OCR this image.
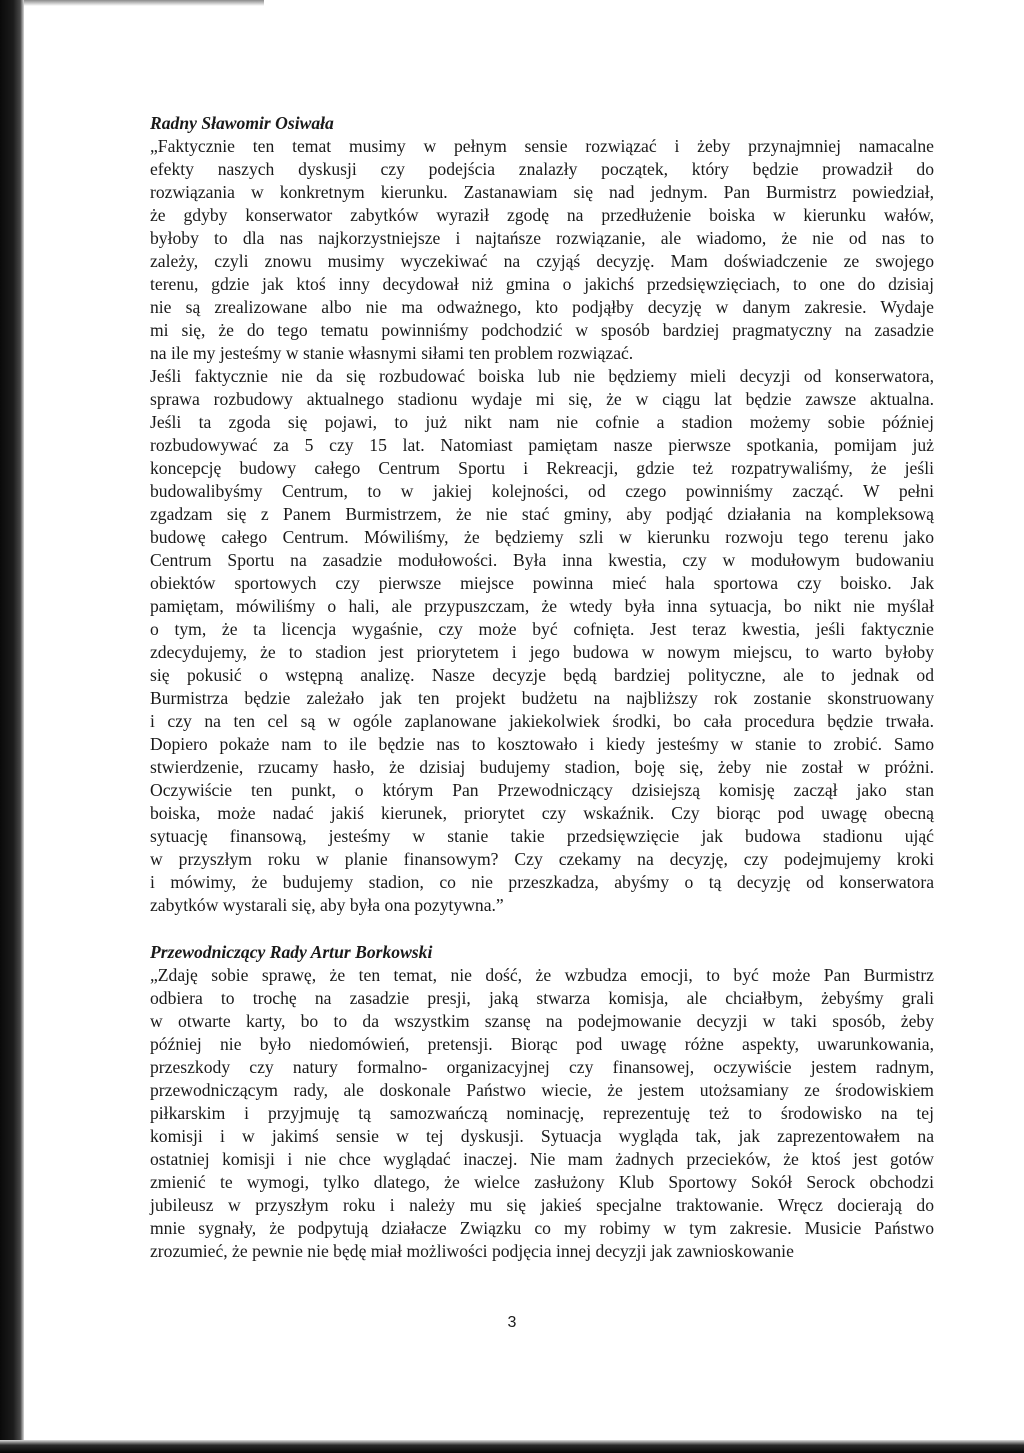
Radny Sławomir Osiwała
„Faktycznie ten temat musimy w pełnym sensie rozwiązać i żeby przynajmniej namacalne
efekty naszych dyskusji czy podejścia znalazły początek, który będzie prowadził do
rozwiązania w konkretnym kierunku. Zastanawiam się nad jednym. Pan Burmistrz powiedział,
że gdyby konserwator zabytków wyraził zgodę na przedłużenie boiska w kierunku wałów,
byłoby to dla nas najkorzystniejsze i najtańsze rozwiązanie, ale wiadomo, że nie od nas to
zależy, czyli znowu musimy wyczekiwać na czyjąś decyzję. Mam doświadczenie ze swojego
terenu, gdzie jak ktoś inny decydował niż gmina o jakichś przedsięwzięciach, to one do dzisiaj
nie są zrealizowane albo nie ma odważnego, kto podjąłby decyzję w danym zakresie. Wydaje
mi się, że do tego tematu powinniśmy podchodzić w sposób bardziej pragmatyczny na zasadzie
na ile my jesteśmy w stanie własnymi siłami ten problem rozwiązać.
Jeśli faktycznie nie da się rozbudować boiska lub nie będziemy mieli decyzji od konserwatora,
sprawa rozbudowy aktualnego stadionu wydaje mi się, że w ciągu lat będzie zawsze aktualna.
Jeśli ta zgoda się pojawi, to już nikt nam nie cofnie a stadion możemy sobie później
rozbudowywać za 5 czy 15 lat. Natomiast pamiętam nasze pierwsze spotkania, pomijam już
koncepcję budowy całego Centrum Sportu i Rekreacji, gdzie też rozpatrywaliśmy, że jeśli
budowalibyśmy Centrum, to w jakiej kolejności, od czego powinniśmy zacząć. W pełni
zgadzam się z Panem Burmistrzem, że nie stać gminy, aby podjąć działania na kompleksową
budowę całego Centrum. Mówiliśmy, że będziemy szli w kierunku rozwoju tego terenu jako
Centrum Sportu na zasadzie modułowości. Była inna kwestia, czy w modułowym budowaniu
obiektów sportowych czy pierwsze miejsce powinna mieć hala sportowa czy boisko. Jak
pamiętam, mówiliśmy o hali, ale przypuszczam, że wtedy była inna sytuacja, bo nikt nie myślał
o tym, że ta licencja wygaśnie, czy może być cofnięta. Jest teraz kwestia, jeśli faktycznie
zdecydujemy, że to stadion jest priorytetem i jego budowa w nowym miejscu, to warto byłoby
się pokusić o wstępną analizę. Nasze decyzje będą bardziej polityczne, ale to jednak od
Burmistrza będzie zależało jak ten projekt budżetu na najbliższy rok zostanie skonstruowany
i czy na ten cel są w ogóle zaplanowane jakiekolwiek środki, bo cała procedura będzie trwała.
Dopiero pokaże nam to ile będzie nas to kosztowało i kiedy jesteśmy w stanie to zrobić. Samo
stwierdzenie, rzucamy hasło, że dzisiaj budujemy stadion, boję się, żeby nie został w próżni.
Oczywiście ten punkt, o którym Pan Przewodniczący dzisiejszą komisję zaczął jako stan
boiska, może nadać jakiś kierunek, priorytet czy wskaźnik. Czy biorąc pod uwagę obecną
sytuację finansową, jesteśmy w stanie takie przedsięwzięcie jak budowa stadionu ująć
w przyszłym roku w planie finansowym? Czy czekamy na decyzję, czy podejmujemy kroki
i mówimy, że budujemy stadion, co nie przeszkadza, abyśmy o tą decyzję od konserwatora
zabytków wystarali się, aby była ona pozytywna.”
Przewodniczący Rady Artur Borkowski
„Zdaję sobie sprawę, że ten temat, nie dość, że wzbudza emocji, to być może Pan Burmistrz
odbiera to trochę na zasadzie presji, jaką stwarza komisja, ale chciałbym, żebyśmy grali
w otwarte karty, bo to da wszystkim szansę na podejmowanie decyzji w taki sposób, żeby
później nie było niedomówień, pretensji. Biorąc pod uwagę różne aspekty, uwarunkowania,
przeszkody czy natury formalno- organizacyjnej czy finansowej, oczywiście jestem radnym,
przewodniczącym rady, ale doskonale Państwo wiecie, że jestem utożsamiany ze środowiskiem
piłkarskim i przyjmuję tą samozwańczą nominację, reprezentuję też to środowisko na tej
komisji i w jakimś sensie w tej dyskusji. Sytuacja wygląda tak, jak zaprezentowałem na
ostatniej komisji i nie chce wyglądać inaczej. Nie mam żadnych przecieków, że ktoś jest gotów
zmienić te wymogi, tylko dlatego, że wielce zasłużony Klub Sportowy Sokół Serock obchodzi
jubileusz w przyszłym roku i należy mu się jakieś specjalne traktowanie. Wręcz docierają do
mnie sygnały, że podpytują działacze Związku co my robimy w tym zakresie. Musicie Państwo
zrozumieć, że pewnie nie będę miał możliwości podjęcia innej decyzji jak zawnioskowanie
3
